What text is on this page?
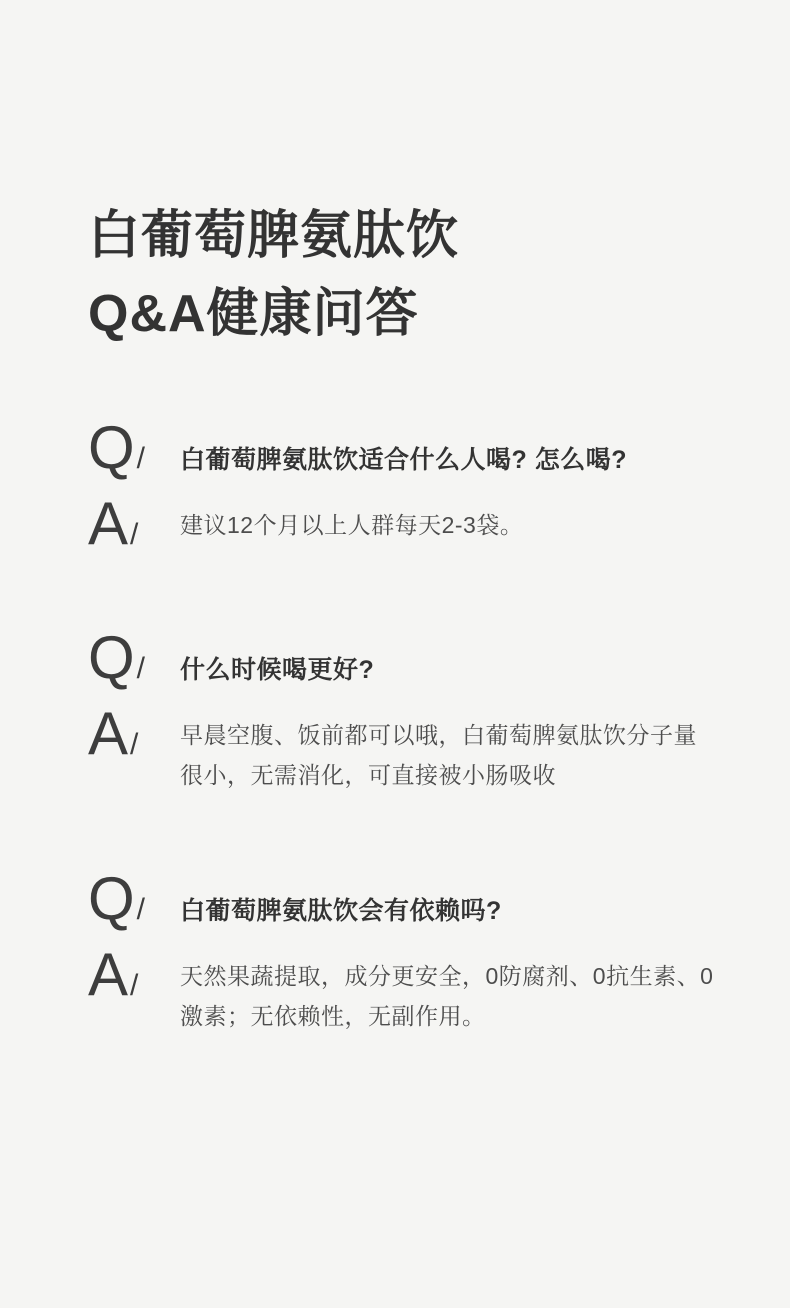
白葡萄脾氨肽饮
Q&A健康问答
Q/	白葡萄脾氨肽饮适合什么人喝? 怎么喝?
A/	建议12个月以上人群每天2-3袋。
Q/	什么时候喝更好?
A/	早晨空腹、饭前都可以哦，白葡萄脾氨肽饮分子量
很小，无需消化，可直接被小肠吸收
Q/	白葡萄脾氨肽饮会有依赖吗?
A/	天然果蔬提取，成分更安全，0防腐剂、0抗生素、0
激素；无依赖性，无副作用。
